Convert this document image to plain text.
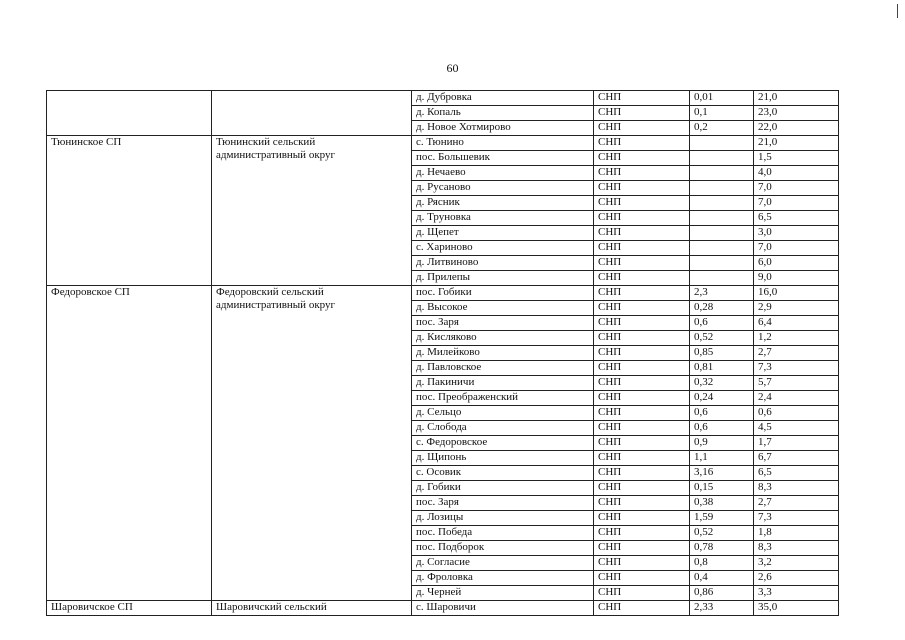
60
		д. Дубровка	СНП	0,01	21,0
		д. Копаль	СНП	0,1	23,0
		д. Новое Хотмирово	СНП	0,2	22,0
Тюнинское СП	Тюнинский сельский административный округ	с. Тюнино	СНП		21,0
		пос. Большевик	СНП		1,5
		д. Нечаево	СНП		4,0
		д. Русаново	СНП		7,0
		д. Рясник	СНП		7,0
		д. Труновка	СНП		6,5
		д. Щепет	СНП		3,0
		с. Хариново	СНП		7,0
		д. Литвиново	СНП		6,0
		д. Прилепы	СНП		9,0
Федоровское СП	Федоровский сельский административный округ	пос. Гобики	СНП	2,3	16,0
		д. Высокое	СНП	0,28	2,9
		пос. Заря	СНП	0,6	6,4
		д. Кисляково	СНП	0,52	1,2
		д. Милейково	СНП	0,85	2,7
		д. Павловское	СНП	0,81	7,3
		д. Пакиничи	СНП	0,32	5,7
		пос. Преображенский	СНП	0,24	2,4
		д. Сельцо	СНП	0,6	0,6
		д. Слобода	СНП	0,6	4,5
		с. Федоровское	СНП	0,9	1,7
		д. Щипонь	СНП	1,1	6,7
		с. Осовик	СНП	3,16	6,5
		д. Гобики	СНП	0,15	8,3
		пос. Заря	СНП	0,38	2,7
		д. Лозицы	СНП	1,59	7,3
		пос. Победа	СНП	0,52	1,8
		пос. Подборок	СНП	0,78	8,3
		д. Согласие	СНП	0,8	3,2
		д. Фроловка	СНП	0,4	2,6
		д. Черней	СНП	0,86	3,3
Шаровичское СП	Шаровичский сельский	с. Шаровичи	СНП	2,33	35,0
